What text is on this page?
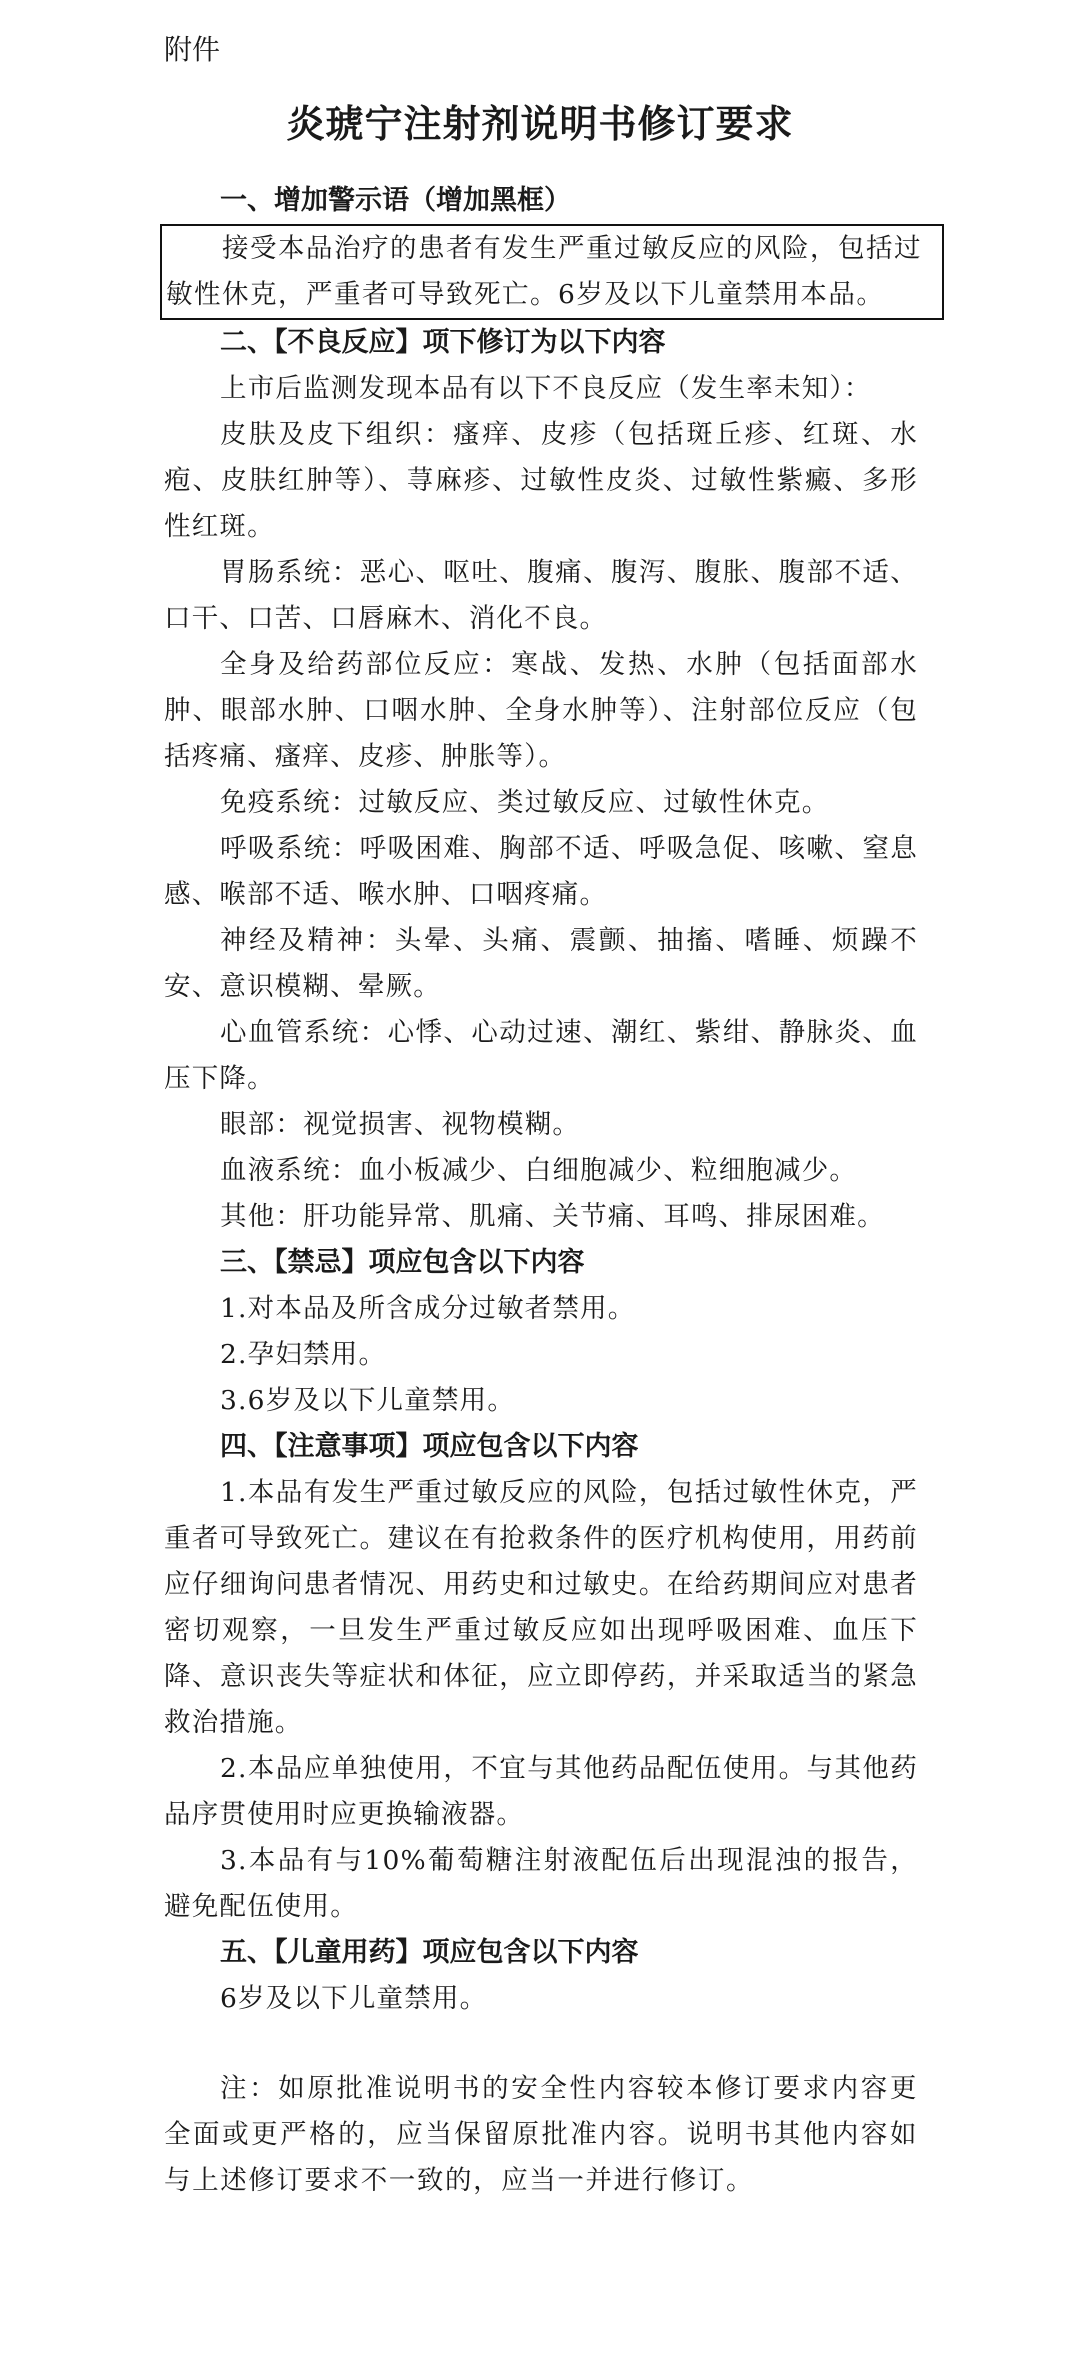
附件
炎琥宁注射剂说明书修订要求
一、增加警示语（增加黑框）

接受本品治疗的患者有发生严重过敏反应的风险，包括过敏性休克，严重者可导致死亡。6岁及以下儿童禁用本品。

二、【不良反应】项下修订为以下内容

上市后监测发现本品有以下不良反应（发生率未知）：

皮肤及皮下组织：瘙痒、皮疹（包括斑丘疹、红斑、水疱、皮肤红肿等）、荨麻疹、过敏性皮炎、过敏性紫癜、多形性红斑。

胃肠系统：恶心、呕吐、腹痛、腹泻、腹胀、腹部不适、口干、口苦、口唇麻木、消化不良。

全身及给药部位反应：寒战、发热、水肿（包括面部水肿、眼部水肿、口咽水肿、全身水肿等）、注射部位反应（包括疼痛、瘙痒、皮疹、肿胀等）。

免疫系统：过敏反应、类过敏反应、过敏性休克。

呼吸系统：呼吸困难、胸部不适、呼吸急促、咳嗽、窒息感、喉部不适、喉水肿、口咽疼痛。

神经及精神：头晕、头痛、震颤、抽搐、嗜睡、烦躁不安、意识模糊、晕厥。

心血管系统：心悸、心动过速、潮红、紫绀、静脉炎、血压下降。

眼部：视觉损害、视物模糊。

血液系统：血小板减少、白细胞减少、粒细胞减少。

其他：肝功能异常、肌痛、关节痛、耳鸣、排尿困难。

三、【禁忌】项应包含以下内容

1.对本品及所含成分过敏者禁用。

2.孕妇禁用。

3.6岁及以下儿童禁用。

四、【注意事项】项应包含以下内容

1.本品有发生严重过敏反应的风险，包括过敏性休克，严重者可导致死亡。建议在有抢救条件的医疗机构使用，用药前应仔细询问患者情况、用药史和过敏史。在给药期间应对患者密切观察，一旦发生严重过敏反应如出现呼吸困难、血压下降、意识丧失等症状和体征，应立即停药，并采取适当的紧急救治措施。

2.本品应单独使用，不宜与其他药品配伍使用。与其他药品序贯使用时应更换输液器。

3.本品有与10%葡萄糖注射液配伍后出现混浊的报告，避免配伍使用。

五、【儿童用药】项应包含以下内容

6岁及以下儿童禁用。

注：如原批准说明书的安全性内容较本修订要求内容更全面或更严格的，应当保留原批准内容。说明书其他内容如与上述修订要求不一致的，应当一并进行修订。
